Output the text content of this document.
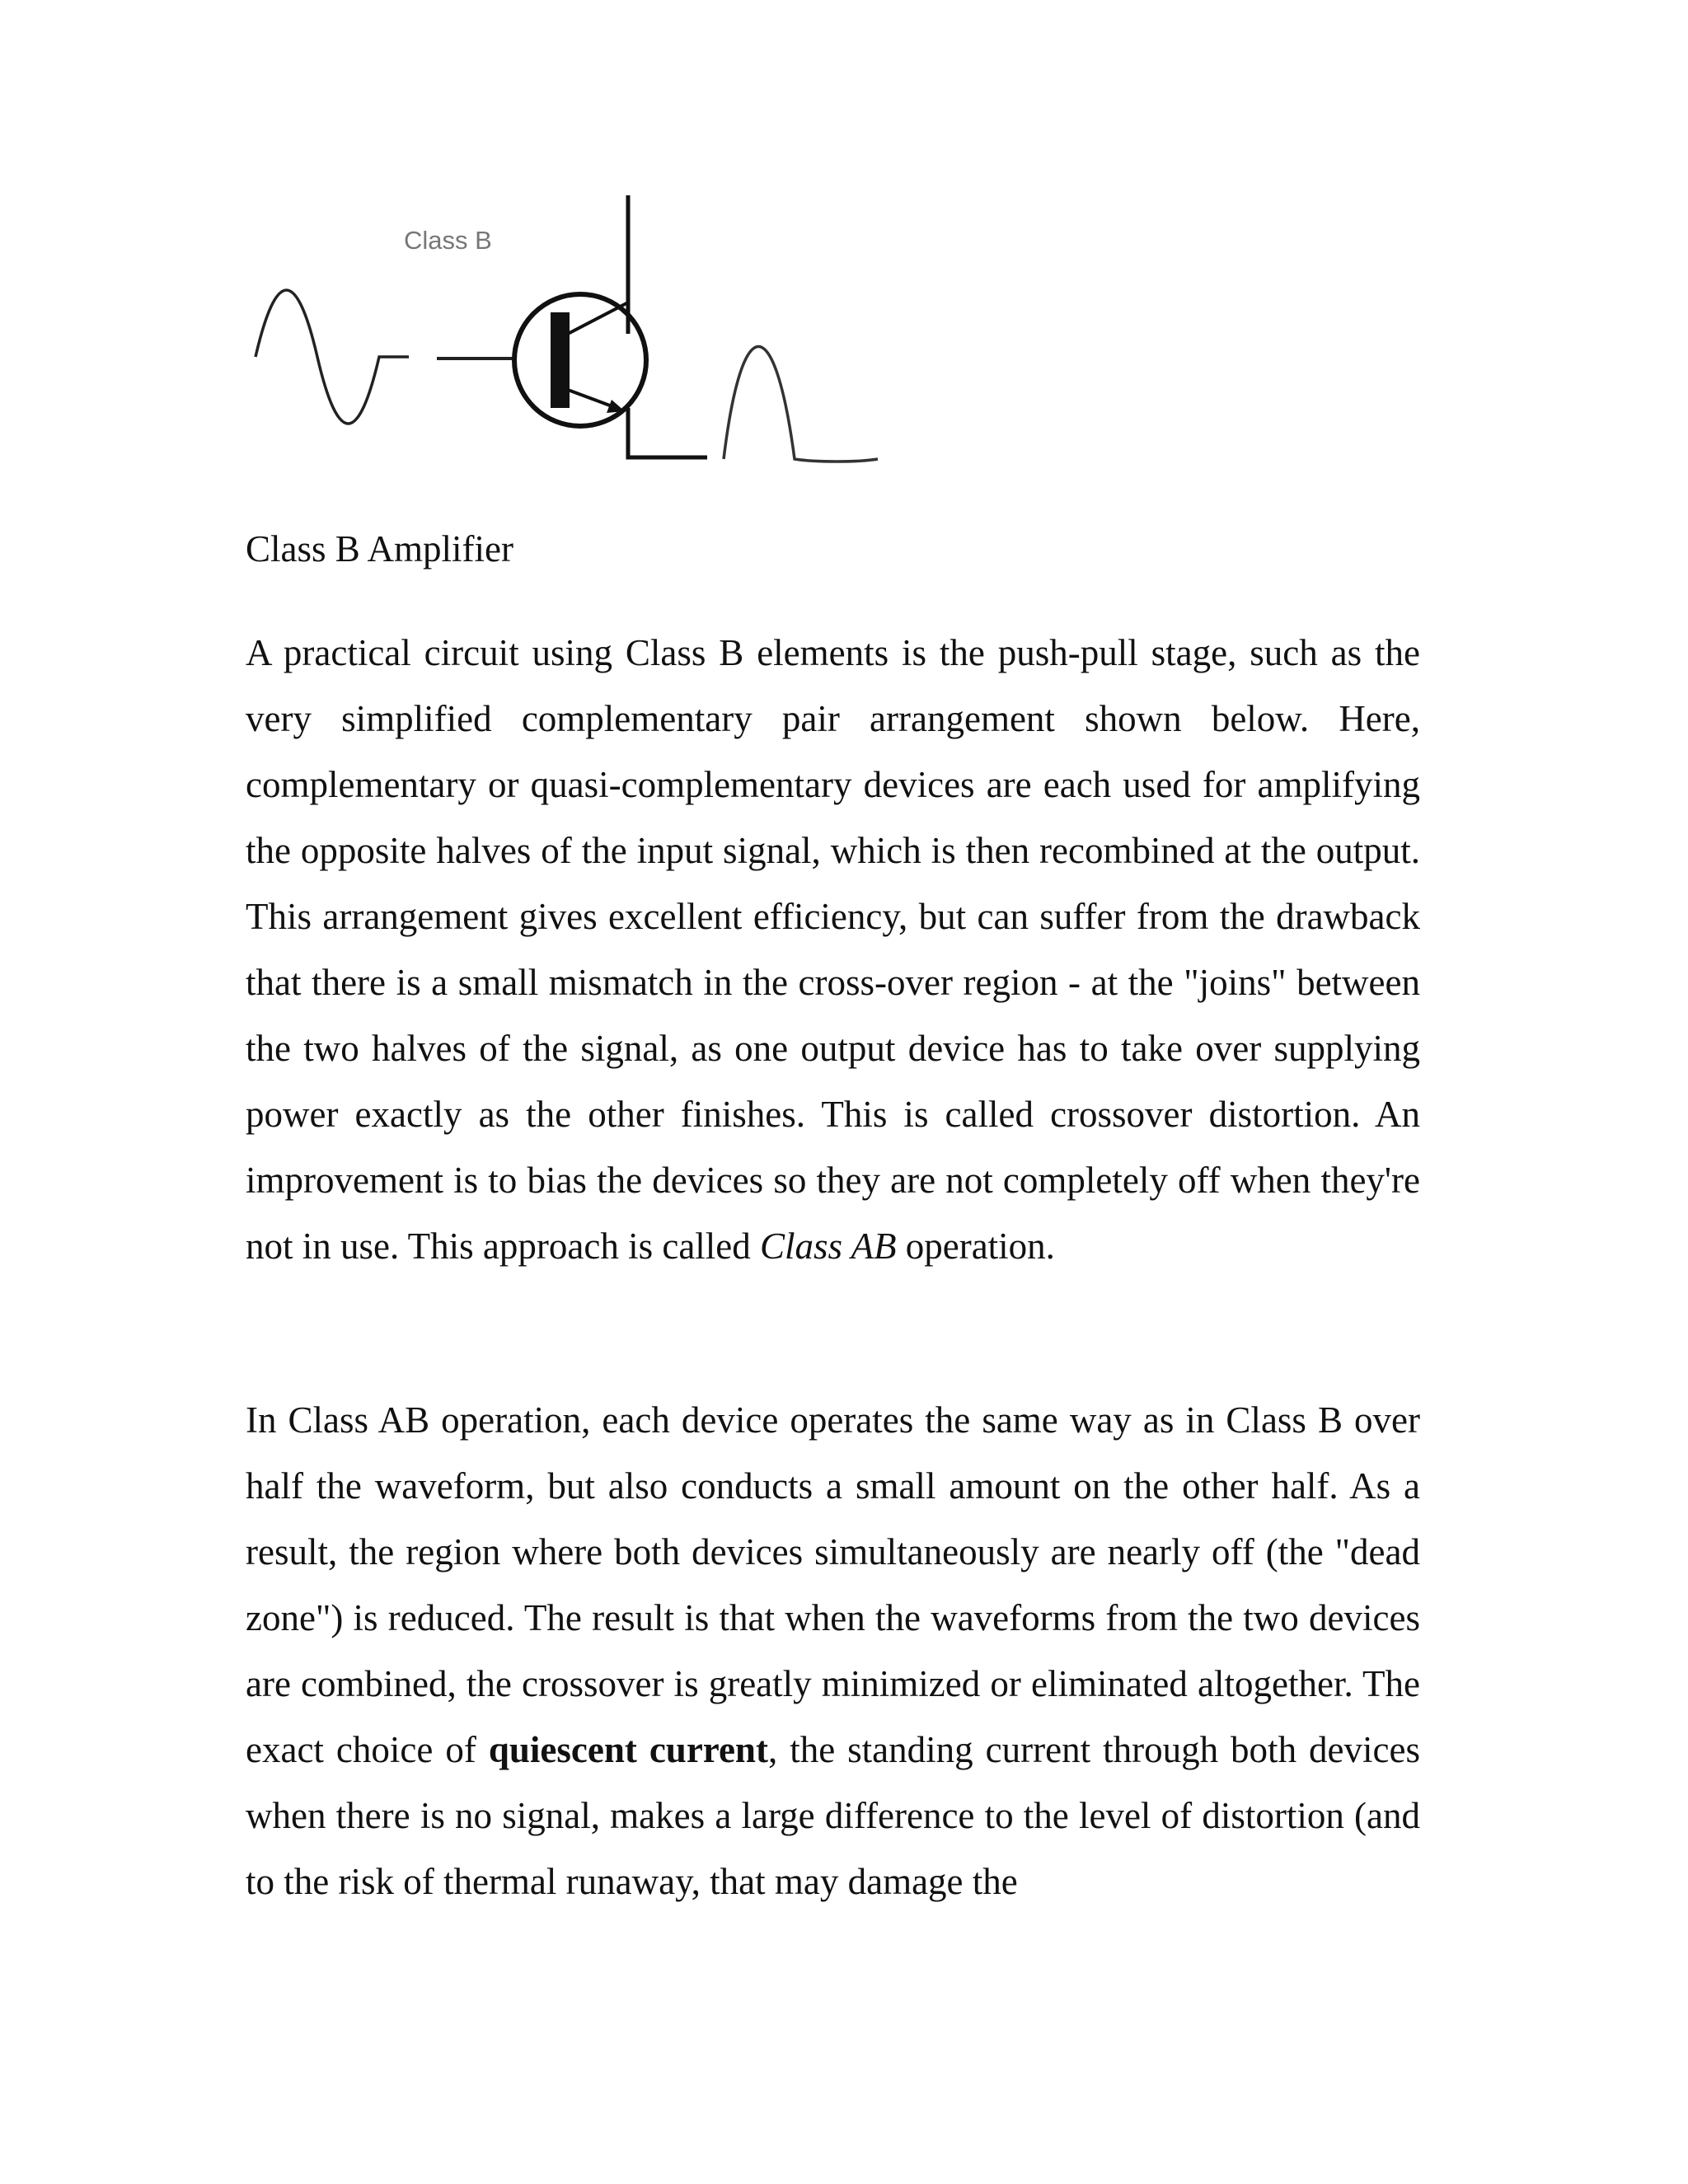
Class B

Class B Amplifier

A practical circuit using Class B elements is the push-pull stage, such as the very simplified complementary pair arrangement shown below. Here, complementary or quasi-complementary devices are each used for amplifying the opposite halves of the input signal, which is then recombined at the output. This arrangement gives excellent efficiency, but can suffer from the drawback that there is a small mismatch in the cross-over region - at the "joins" between the two halves of the signal, as one output device has to take over supplying power exactly as the other finishes. This is called crossover distortion. An improvement is to bias the devices so they are not completely off when they're not in use. This approach is called Class AB operation.

In Class AB operation, each device operates the same way as in Class B over half the waveform, but also conducts a small amount on the other half. As a result, the region where both devices simultaneously are nearly off (the "dead zone") is reduced. The result is that when the waveforms from the two devices are combined, the crossover is greatly minimized or eliminated altogether. The exact choice of quiescent current, the standing current through both devices when there is no signal, makes a large difference to the level of distortion (and to the risk of thermal runaway, that may damage the
